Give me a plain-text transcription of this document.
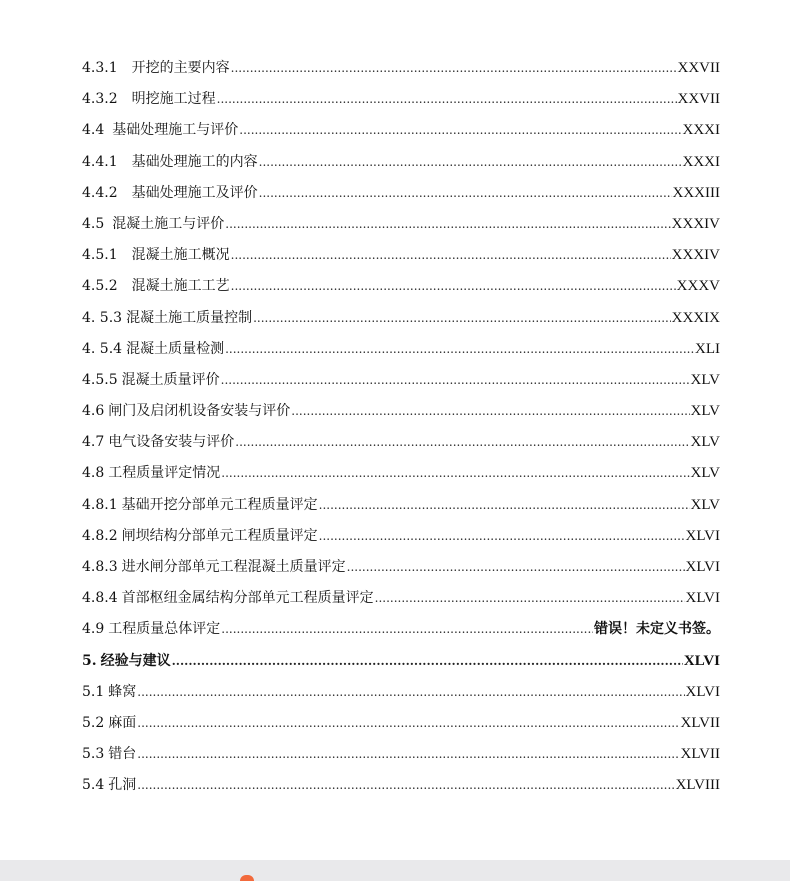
4.3.1 开挖的主要内容 .....	XXVII
4.3.2 明挖施工过程 .....	XXVII
4.4 基础处理施工与评价 .....	XXXI
4.4.1 基础处理施工的内容 .....	XXXI
4.4.2 基础处理施工及评价 .....	XXXIII
4.5 混凝土施工与评价 .....	XXXIV
4.5.1 混凝土施工概况 .....	XXXIV
4.5.2 混凝土施工工艺 .....	XXXV
4. 5.3 混凝土施工质量控制 .....	XXXIX
4. 5.4 混凝土质量检测 .....	XLI
4.5.5 混凝土质量评价 .....	XLV
4.6 闸门及启闭机设备安装与评价 .....	XLV
4.7 电气设备安装与评价 .....	XLV
4.8 工程质量评定情况 .....	XLV
4.8.1 基础开挖分部单元工程质量评定 .....	XLV
4.8.2 闸坝结构分部单元工程质量评定 .....	XLVI
4.8.3 进水闸分部单元工程混凝土质量评定 .....	XLVI
4.8.4 首部枢纽金属结构分部单元工程质量评定 .....	XLVI
4.9 工程质量总体评定 .....	错误！未定义书签。
5. 经验与建议 .....	XLVI
5.1 蜂窝 .....	XLVI
5.2 麻面 .....	XLVII
5.3 错台 .....	XLVII
5.4 孔洞 .....	XLVIII
